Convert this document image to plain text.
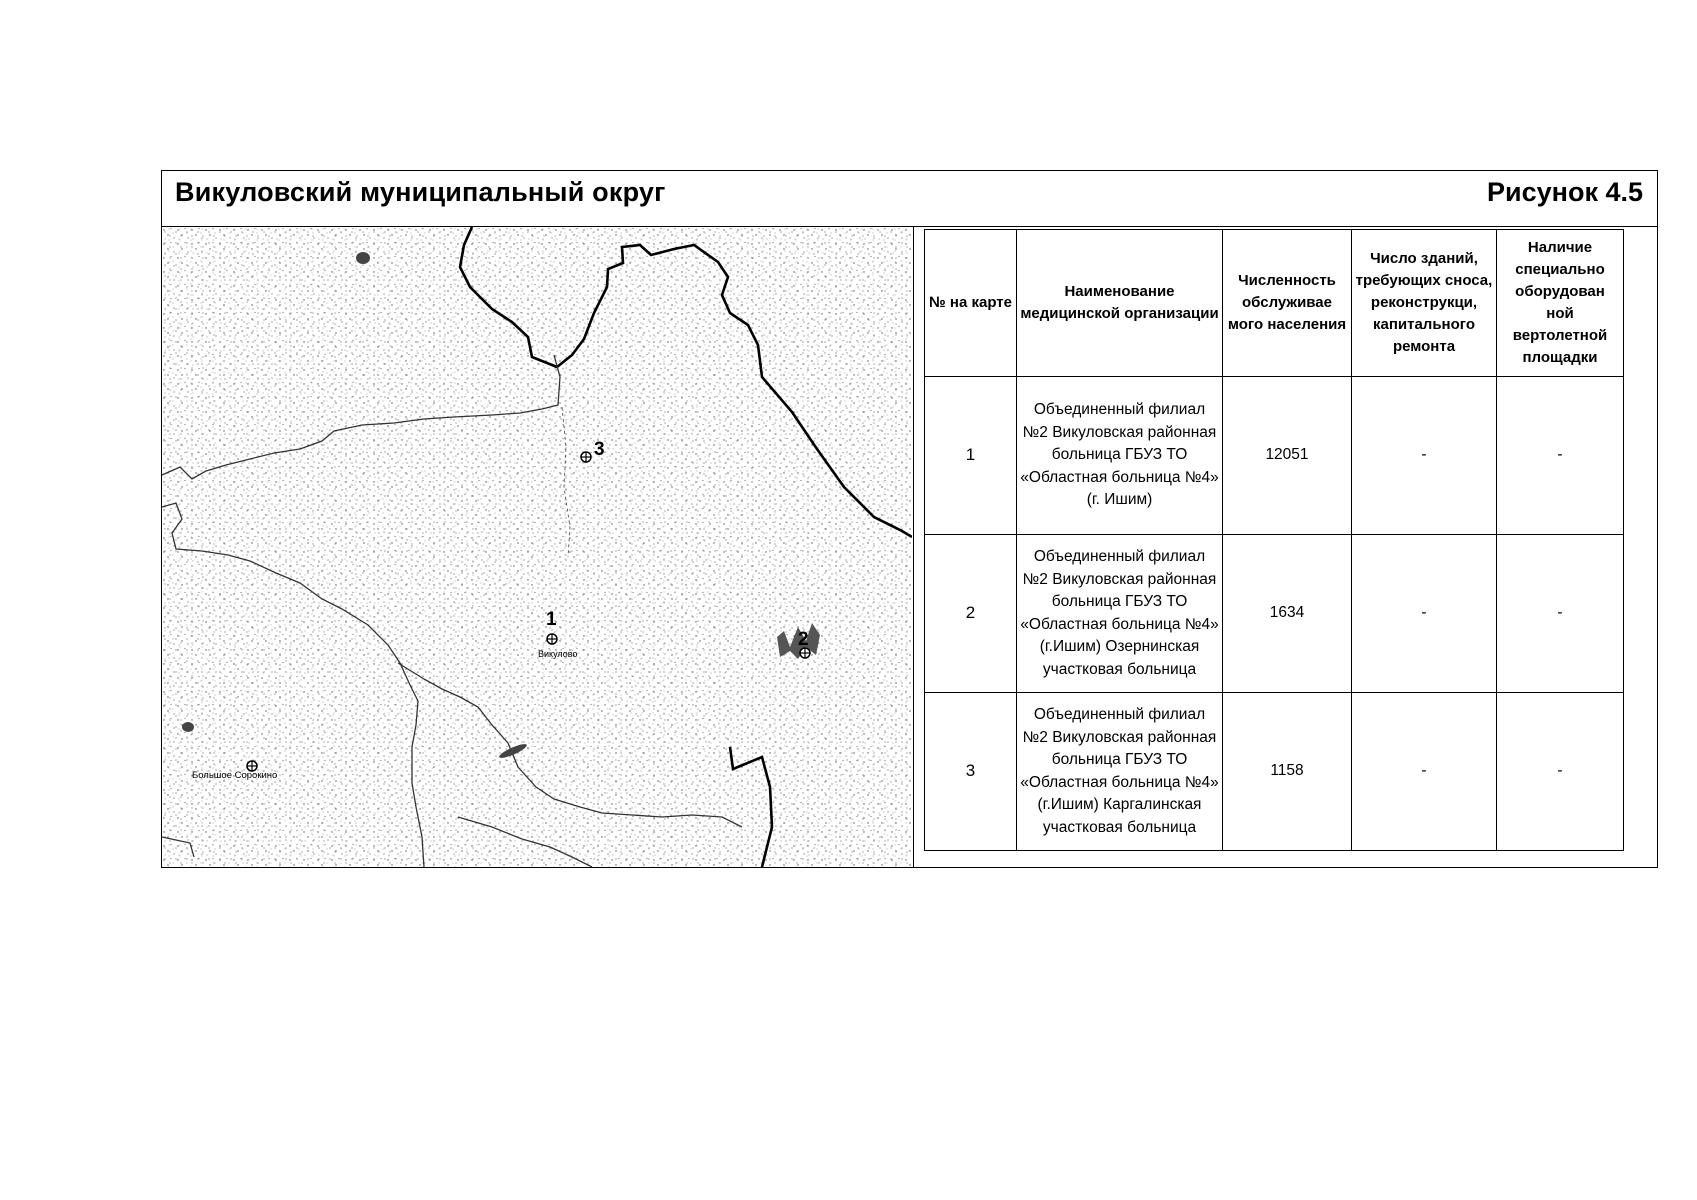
Викуловский муниципальный округ	Рисунок 4.5
1
Викулово
2
3
Большое Сорокино
№ на карте	Наименование медицинской организации	Численность обслуживае мого населения	Число зданий, требующих сноса, реконструкци, капитального ремонта	Наличие специально оборудован ной вертолетной площадки
1	Объединенный филиал №2 Викуловская районная больница ГБУЗ ТО «Областная больница №4» (г. Ишим)	12051	-	-
2	Объединенный филиал №2 Викуловская районная больница ГБУЗ ТО «Областная больница №4» (г.Ишим) Озернинская участковая больница	1634	-	-
3	Объединенный филиал №2 Викуловская районная больница ГБУЗ ТО «Областная больница №4» (г.Ишим) Каргалинская участковая больница	1158	-	-
